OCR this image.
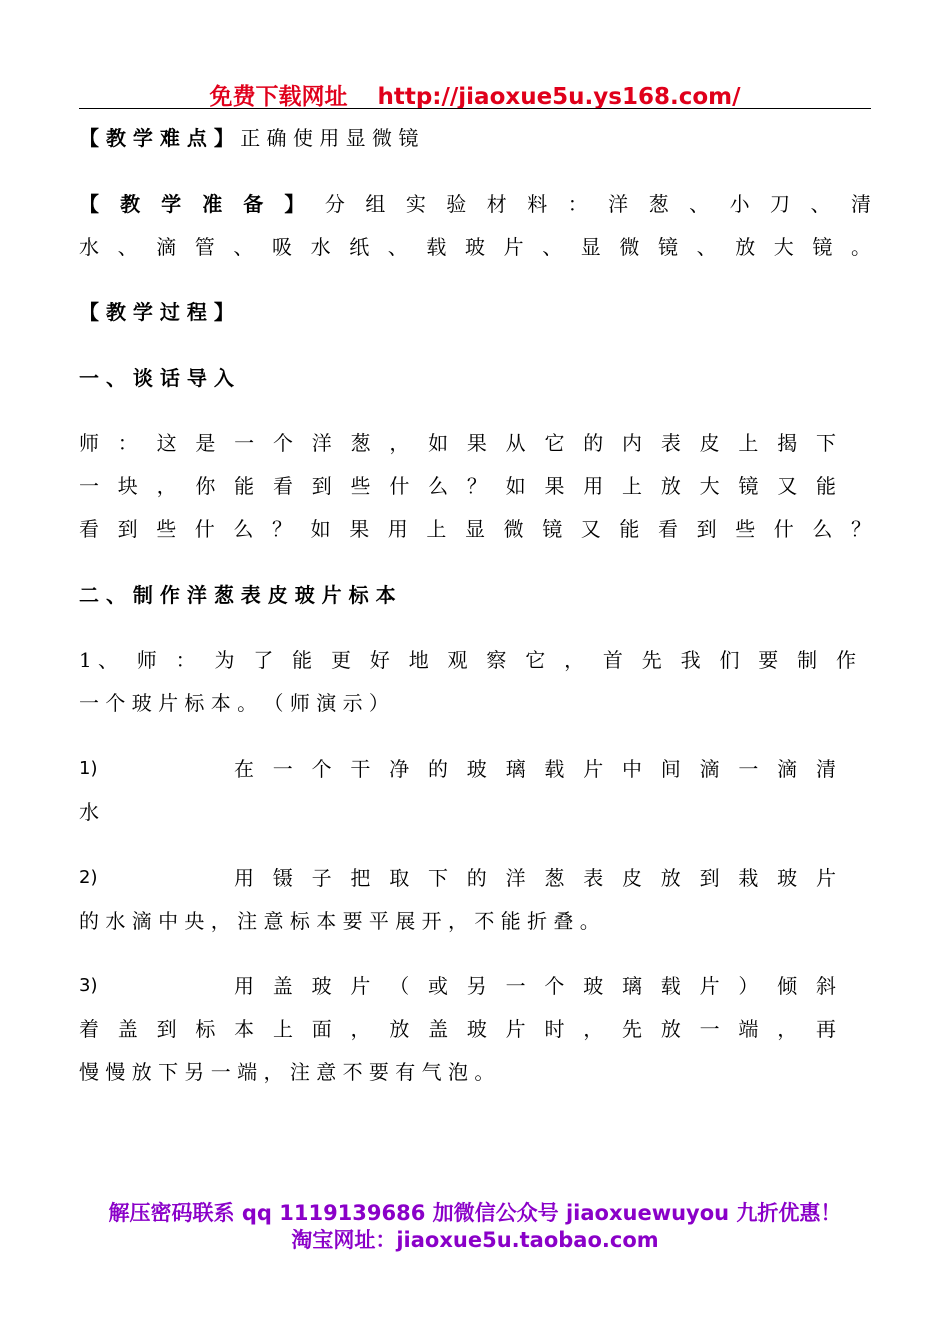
免费下载网址 http://jiaoxue5u.ys168.com/
【 教 学 难 点 】 正 确 使 用 显 微 镜
【 教 学 准 备 】 分 组 实 验 材 料 ： 洋 葱 、 小 刀 、 清
水 、 滴 管 、 吸 水 纸 、 载 玻 片 、 显 微 镜 、 放 大 镜 。
【 教 学 过 程 】
一 、 谈 话 导 入
师 ： 这 是 一 个 洋 葱 ， 如 果 从 它 的 内 表 皮 上 揭 下
一 块 ， 你 能 看 到 些 什 么 ？ 如 果 用 上 放 大 镜 又 能
看 到 些 什 么 ？ 如 果 用 上 显 微 镜 又 能 看 到 些 什 么 ？
二 、 制 作 洋 葱 表 皮 玻 片 标 本
1、 师 ： 为 了 能 更 好 地 观 察 它 ， 首 先 我 们 要 制 作
一 个 玻 片 标 本 。 （ 师 演 示 ）
1)	在 一 个 干 净 的 玻 璃 载 片 中 间 滴 一 滴 清
水
2)	用 镊 子 把 取 下 的 洋 葱 表 皮 放 到 栽 玻 片
的 水 滴 中 央 ， 注 意 标 本 要 平 展 开 ， 不 能 折 叠 。
3)	用 盖 玻 片 （ 或 另 一 个 玻 璃 载 片 ） 倾 斜
着 盖 到 标 本 上 面 ， 放 盖 玻 片 时 ， 先 放 一 端 ， 再
慢 慢 放 下 另 一 端 ， 注 意 不 要 有 气 泡 。
解压密码联系 qq 1119139686 加微信公众号 jiaoxuewuyou 九折优惠！
淘宝网址：jiaoxue5u.taobao.com
